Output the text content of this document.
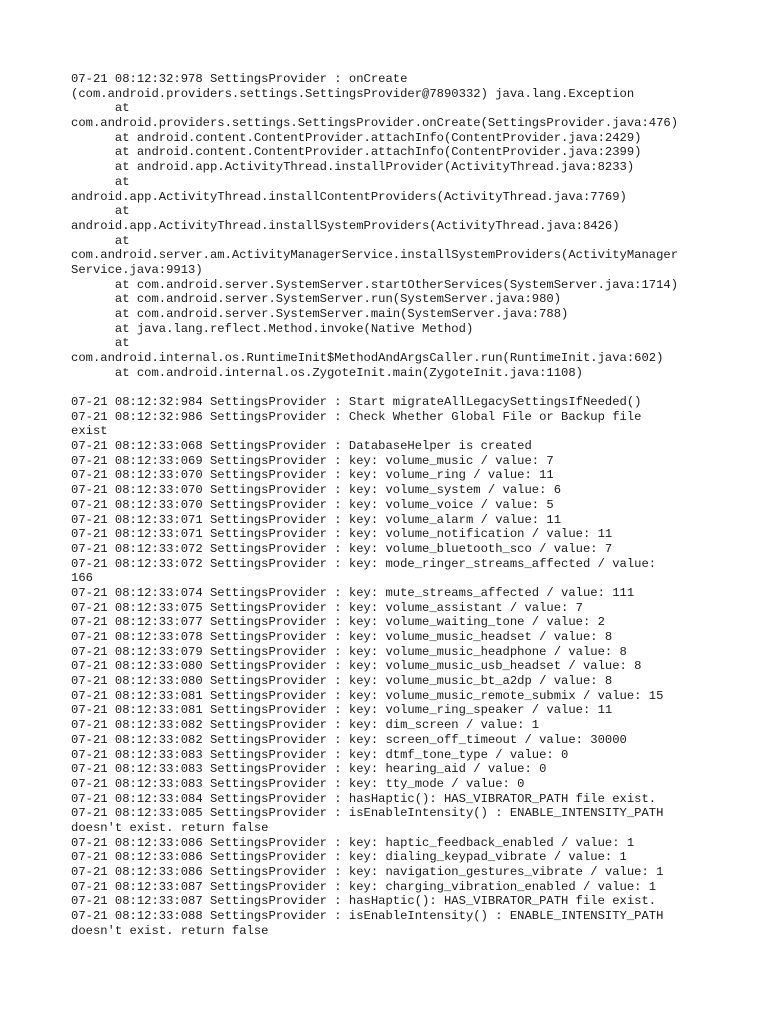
07-21 08:12:32:978 SettingsProvider : onCreate
(com.android.providers.settings.SettingsProvider@7890332) java.lang.Exception
at
com.android.providers.settings.SettingsProvider.onCreate(SettingsProvider.java:476)
at android.content.ContentProvider.attachInfo(ContentProvider.java:2429)
at android.content.ContentProvider.attachInfo(ContentProvider.java:2399)
at android.app.ActivityThread.installProvider(ActivityThread.java:8233)
at
android.app.ActivityThread.installContentProviders(ActivityThread.java:7769)
at
android.app.ActivityThread.installSystemProviders(ActivityThread.java:8426)
at
com.android.server.am.ActivityManagerService.installSystemProviders(ActivityManager
Service.java:9913)
at com.android.server.SystemServer.startOtherServices(SystemServer.java:1714)
at com.android.server.SystemServer.run(SystemServer.java:980)
at com.android.server.SystemServer.main(SystemServer.java:788)
at java.lang.reflect.Method.invoke(Native Method)
at
com.android.internal.os.RuntimeInit$MethodAndArgsCaller.run(RuntimeInit.java:602)
at com.android.internal.os.ZygoteInit.main(ZygoteInit.java:1108)
07-21 08:12:32:984 SettingsProvider : Start migrateAllLegacySettingsIfNeeded()
07-21 08:12:32:986 SettingsProvider : Check Whether Global File or Backup file
exist
07-21 08:12:33:068 SettingsProvider : DatabaseHelper is created
07-21 08:12:33:069 SettingsProvider : key: volume_music / value: 7
07-21 08:12:33:070 SettingsProvider : key: volume_ring / value: 11
07-21 08:12:33:070 SettingsProvider : key: volume_system / value: 6
07-21 08:12:33:070 SettingsProvider : key: volume_voice / value: 5
07-21 08:12:33:071 SettingsProvider : key: volume_alarm / value: 11
07-21 08:12:33:071 SettingsProvider : key: volume_notification / value: 11
07-21 08:12:33:072 SettingsProvider : key: volume_bluetooth_sco / value: 7
07-21 08:12:33:072 SettingsProvider : key: mode_ringer_streams_affected / value:
166
07-21 08:12:33:074 SettingsProvider : key: mute_streams_affected / value: 111
07-21 08:12:33:075 SettingsProvider : key: volume_assistant / value: 7
07-21 08:12:33:077 SettingsProvider : key: volume_waiting_tone / value: 2
07-21 08:12:33:078 SettingsProvider : key: volume_music_headset / value: 8
07-21 08:12:33:079 SettingsProvider : key: volume_music_headphone / value: 8
07-21 08:12:33:080 SettingsProvider : key: volume_music_usb_headset / value: 8
07-21 08:12:33:080 SettingsProvider : key: volume_music_bt_a2dp / value: 8
07-21 08:12:33:081 SettingsProvider : key: volume_music_remote_submix / value: 15
07-21 08:12:33:081 SettingsProvider : key: volume_ring_speaker / value: 11
07-21 08:12:33:082 SettingsProvider : key: dim_screen / value: 1
07-21 08:12:33:082 SettingsProvider : key: screen_off_timeout / value: 30000
07-21 08:12:33:083 SettingsProvider : key: dtmf_tone_type / value: 0
07-21 08:12:33:083 SettingsProvider : key: hearing_aid / value: 0
07-21 08:12:33:083 SettingsProvider : key: tty_mode / value: 0
07-21 08:12:33:084 SettingsProvider : hasHaptic(): HAS_VIBRATOR_PATH file exist.
07-21 08:12:33:085 SettingsProvider : isEnableIntensity() : ENABLE_INTENSITY_PATH
doesn't exist. return false
07-21 08:12:33:086 SettingsProvider : key: haptic_feedback_enabled / value: 1
07-21 08:12:33:086 SettingsProvider : key: dialing_keypad_vibrate / value: 1
07-21 08:12:33:086 SettingsProvider : key: navigation_gestures_vibrate / value: 1
07-21 08:12:33:087 SettingsProvider : key: charging_vibration_enabled / value: 1
07-21 08:12:33:087 SettingsProvider : hasHaptic(): HAS_VIBRATOR_PATH file exist.
07-21 08:12:33:088 SettingsProvider : isEnableIntensity() : ENABLE_INTENSITY_PATH
doesn't exist. return false
